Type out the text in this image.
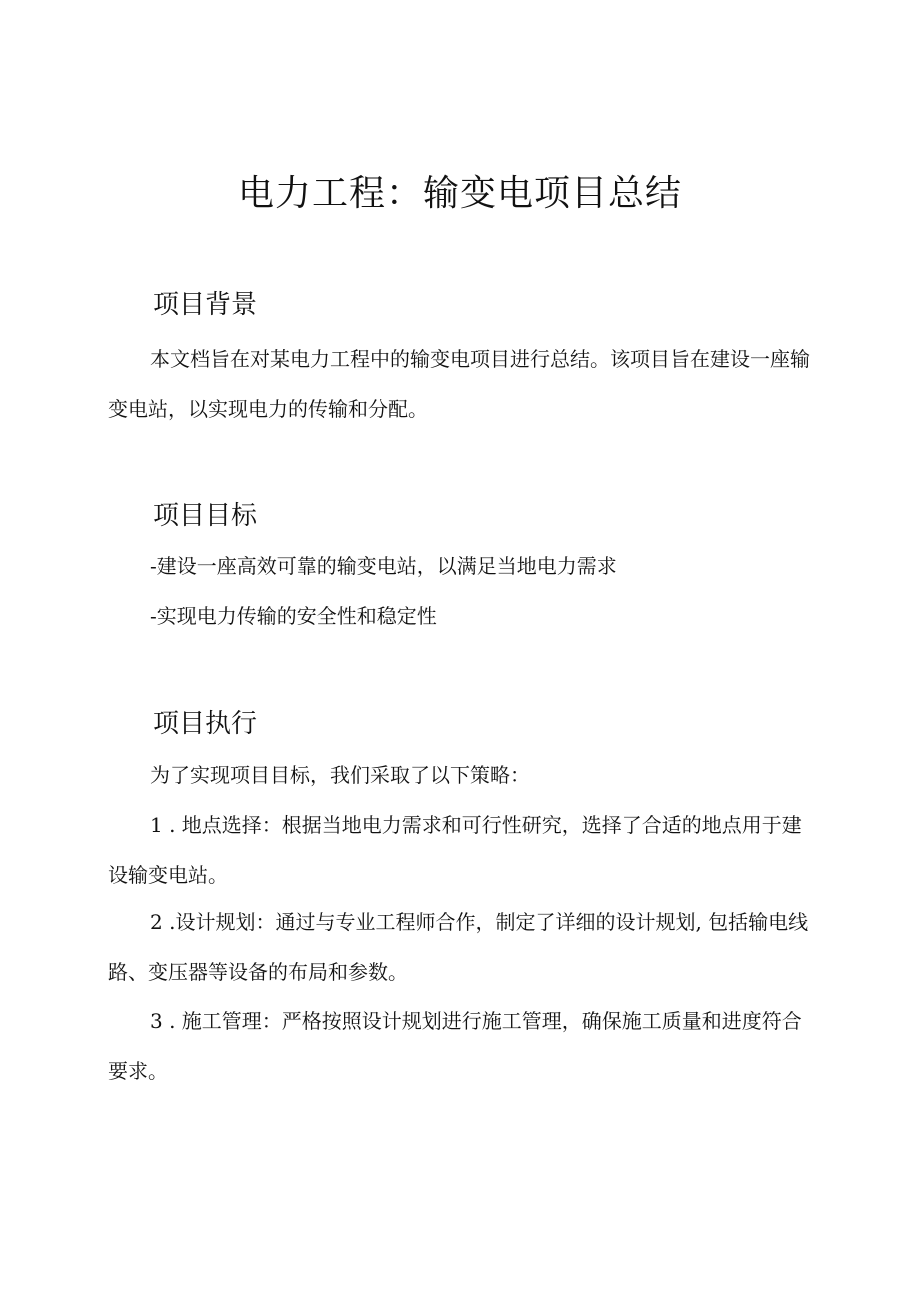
电力工程：输变电项目总结
项目背景

本文档旨在对某电力工程中的输变电项目进行总结。该项目旨在建设一座输变电站，以实现电力的传输和分配。

项目目标

-建设一座高效可靠的输变电站，以满足当地电力需求

-实现电力传输的安全性和稳定性

项目执行

为了实现项目目标，我们采取了以下策略：

1 . 地点选择：根据当地电力需求和可行性研究，选择了合适的地点用于建设输变电站。

2 .设计规划：通过与专业工程师合作，制定了详细的设计规划, 包括输电线路、变压器等设备的布局和参数。

3 . 施工管理：严格按照设计规划进行施工管理，确保施工质量和进度符合要求。
